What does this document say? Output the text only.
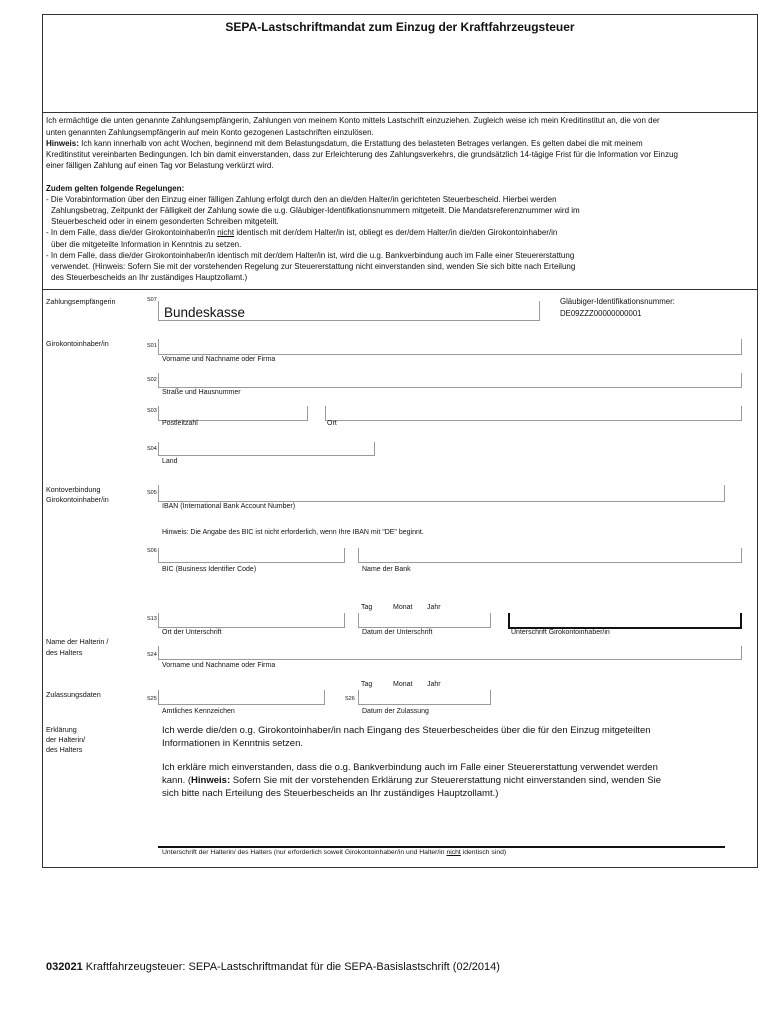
SEPA-Lastschriftmandat zum Einzug der Kraftfahrzeugsteuer
Ich ermächtige die unten genannte Zahlungsempfängerin, Zahlungen von meinem Konto mittels Lastschrift einzuziehen. Zugleich weise ich mein Kreditinstitut an, die von der
unten genannten Zahlungsempfängerin auf mein Konto gezogenen Lastschriften einzulösen.
Hinweis: Ich kann innerhalb von acht Wochen, beginnend mit dem Belastungsdatum, die Erstattung des belasteten Betrages verlangen. Es gelten dabei die mit meinem
Kreditinstitut vereinbarten Bedingungen. Ich bin damit einverstanden, dass zur Erleichterung des Zahlungsverkehrs, die grundsätzlich 14-tägige Frist für die Information vor Einzug
einer fälligen Zahlung auf einen Tag vor Belastung verkürzt wird.
Zudem gelten folgende Regelungen:
- Die Vorabinformation über den Einzug einer fälligen Zahlung erfolgt durch den an die/den Halter/in gerichteten Steuerbescheid. Hierbei werden
Zahlungsbetrag, Zeitpunkt der Fälligkeit der Zahlung sowie die u.g. Gläubiger-Identifikationsnummern mitgeteilt. Die Mandatsreferenznummer wird im
Steuerbescheid oder in einem gesonderten Schreiben mitgeteilt.
- In dem Falle, dass die/der Girokontoinhaber/in nicht identisch mit der/dem Halter/in ist, obliegt es der/dem Halter/in die/den Girokontoinhaber/in
über die mitgeteilte Information in Kenntnis zu setzen.
- In dem Falle, dass die/der Girokontoinhaber/in identisch mit der/dem Halter/in ist, wird die u.g. Bankverbindung auch im Falle einer Steuererstattung
verwendet. (Hinweis: Sofern Sie mit der vorstehenden Regelung zur Steuererstattung nicht einverstanden sind, wenden Sie sich bitte nach Erteilung
des Steuerbescheids an Ihr zuständiges Hauptzollamt.)
Zahlungsempfängerin	S07
Bundeskasse
Gläubiger-Identifikationsnummer:
DE09ZZZ00000000001
Girokontoinhaber/in	S01
Vorname und Nachname oder Firma
S02
Straße und Hausnummer
S03
Postleitzahl	Ort
S04
Land
Kontoverbindung
Girokontoinhaber/in
S05
IBAN (International Bank Account Number)
Hinweis: Die Angabe des BIC ist nicht erforderlich, wenn Ihre IBAN mit "DE" beginnt.
S06
BIC (Business Identifier Code)	Name der Bank
Tag	Monat Jahr
S13
Ort der Unterschrift	Datum der Unterschrift	Unterschrift Girokontoinhaber/in
Name der Halterin /
des Halters	S24
Vorname und Nachname oder Firma
Tag	Monat Jahr
Zulassungsdaten	S25	S26
Amtliches Kennzeichen	Datum der Zulassung
Erklärung
der Halterin/
des Halters
Ich werde die/den o.g. Girokontoinhaber/in nach Eingang des Steuerbescheides über die für den Einzug mitgeteilten
Informationen in Kenntnis setzen.
Ich erkläre mich einverstanden, dass die o.g. Bankverbindung auch im Falle einer Steuererstattung verwendet werden
kann. (Hinweis: Sofern Sie mit der vorstehenden Erklärung zur Steuererstattung nicht einverstanden sind, wenden Sie
sich bitte nach Erteilung des Steuerbescheids an Ihr zuständiges Hauptzollamt.)
Unterschrift der Halterin/ des Halters (nur erforderlich soweit Girokontoinhaber/in und Halter/in nicht identisch sind)
032021 Kraftfahrzeugsteuer: SEPA-Lastschriftmandat für die SEPA-Basislastschrift (02/2014)
